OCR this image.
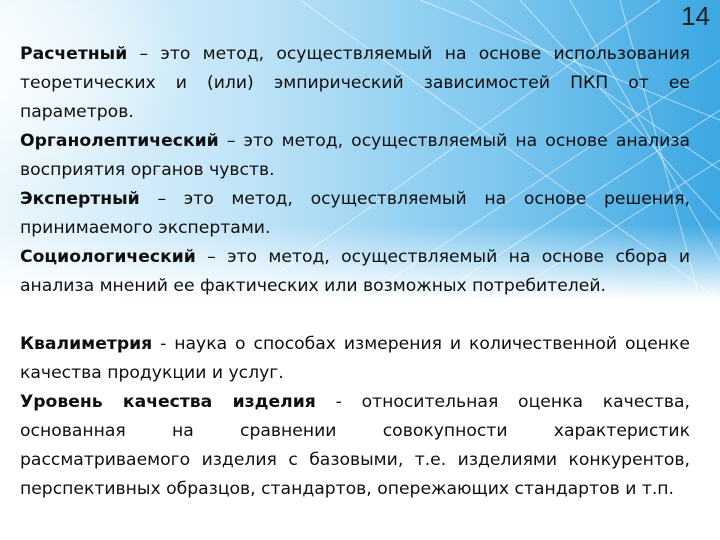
14

Расчетный – это метод, осуществляемый на основе использования теоретических и (или) эмпирический зависимостей ПКП от ее параметров.

Органолептический – это метод, осуществляемый на основе анализа восприятия органов чувств.

Экспертный – это метод, осуществляемый на основе решения, принимаемого экспертами.

Социологический – это метод, осуществляемый на основе сбора и анализа мнений ее фактических или возможных потребителей.

Квалиметрия - наука о способах измерения и количественной оценке качества продукции и услуг.

Уровень качества изделия - относительная оценка качества, основанная на сравнении совокупности характеристик рассматриваемого изделия с базовыми, т.е. изделиями конкурентов, перспективных образцов, стандартов, опережающих стандартов и т.п.
